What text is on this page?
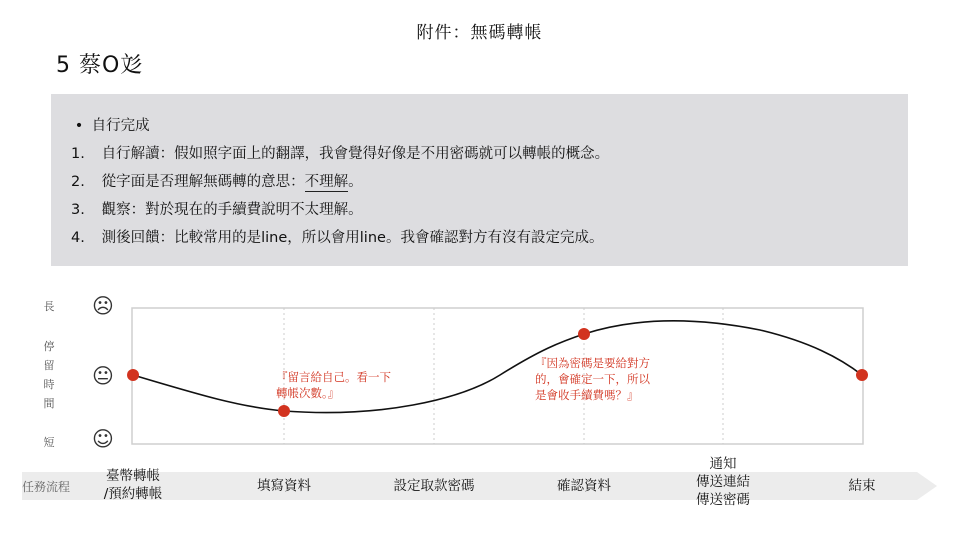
附件：無碼轉帳
5 蔡O彣
• 自行完成
1. 自行解讀：假如照字面上的翻譯，我會覺得好像是不用密碼就可以轉帳的概念。
2. 從字面是否理解無碼轉的意思：不理解。
3. 觀察：對於現在的手續費說明不太理解。
4. 測後回饋：比較常用的是line，所以會用line。我會確認對方有沒有設定完成。
長
停
留
時
間
短
☹
😐
☺
『留言給自己。看一下
轉帳次數。』
『因為密碼是要給對方
的，會確定一下，所以
是會收手續費嗎？』
任務流程
臺幣轉帳
/預約轉帳	填寫資料	設定取款密碼	確認資料
通知
傳送連結
傳送密碼
結束
